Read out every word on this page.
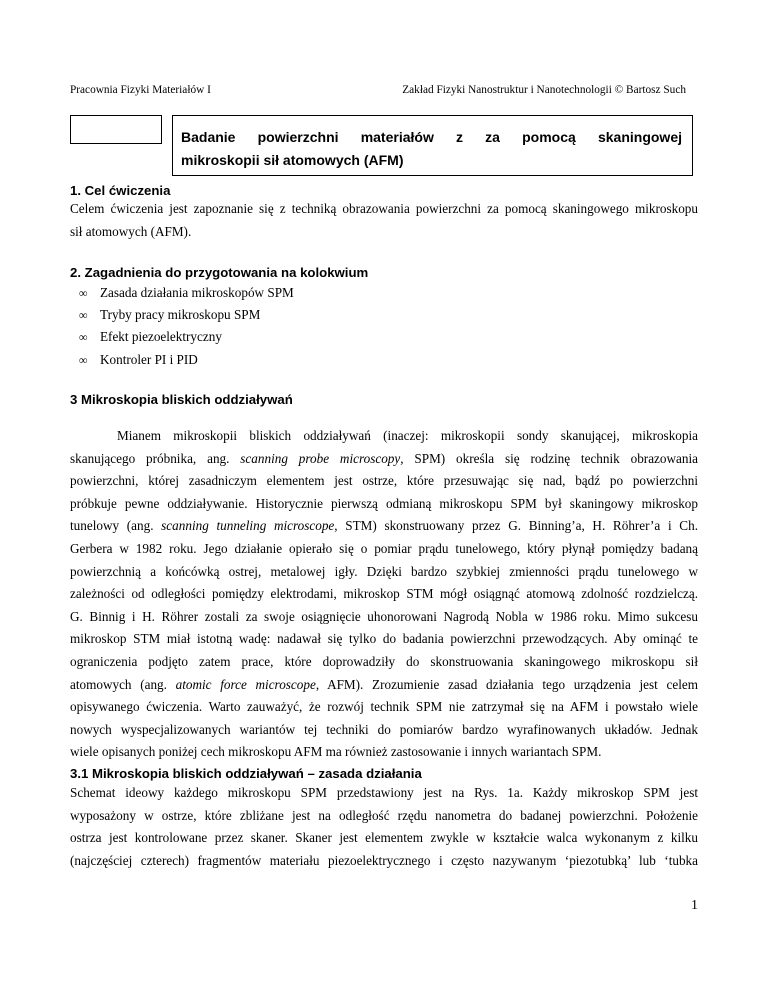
Pracownia Fizyki Materiałów I	Zakład Fizyki Nanostruktur i Nanotechnologii © Bartosz Such
Badanie powierzchni materiałów z za pomocą skaningowej
mikroskopii sił atomowych (AFM)
1. Cel ćwiczenia
Celem ćwiczenia jest zapoznanie się z techniką obrazowania powierzchni za pomocą skaningowego mikroskopu
sił atomowych (AFM).
2. Zagadnienia do przygotowania na kolokwium
∞ Zasada działania mikroskopów SPM
∞ Tryby pracy mikroskopu SPM
∞ Efekt piezoelektryczny
∞ Kontroler PI i PID
3 Mikroskopia bliskich oddziaływań
Mianem mikroskopii bliskich oddziaływań (inaczej: mikroskopii sondy skanującej, mikroskopia
skanującego próbnika, ang. scanning probe microscopy, SPM) określa się rodzinę technik obrazowania
powierzchni, której zasadniczym elementem jest ostrze, które przesuwając się nad, bądź po powierzchni
próbkuje pewne oddziaływanie. Historycznie pierwszą odmianą mikroskopu SPM był skaningowy mikroskop
tunelowy (ang. scanning tunneling microscope, STM) skonstruowany przez G. Binning’a, H. Röhrer’a i Ch.
Gerbera w 1982 roku. Jego działanie opierało się o pomiar prądu tunelowego, który płynął pomiędzy badaną
powierzchnią a końcówką ostrej, metalowej igły. Dzięki bardzo szybkiej zmienności prądu tunelowego w
zależności od odległości pomiędzy elektrodami, mikroskop STM mógł osiągnąć atomową zdolność rozdzielczą.
G. Binnig i H. Röhrer zostali za swoje osiągnięcie uhonorowani Nagrodą Nobla w 1986 roku. Mimo sukcesu
mikroskop STM miał istotną wadę: nadawał się tylko do badania powierzchni przewodzących. Aby ominąć te
ograniczenia podjęto zatem prace, które doprowadziły do skonstruowania skaningowego mikroskopu sił
atomowych (ang. atomic force microscope, AFM). Zrozumienie zasad działania tego urządzenia jest celem
opisywanego ćwiczenia. Warto zauważyć, że rozwój technik SPM nie zatrzymał się na AFM i powstało wiele
nowych wyspecjalizowanych wariantów tej techniki do pomiarów bardzo wyrafinowanych układów. Jednak
wiele opisanych poniżej cech mikroskopu AFM ma również zastosowanie i innych wariantach SPM.
3.1 Mikroskopia bliskich oddziaływań – zasada działania
Schemat ideowy każdego mikroskopu SPM przedstawiony jest na Rys. 1a. Każdy mikroskop SPM jest
wyposażony w ostrze, które zbliżane jest na odległość rzędu nanometra do badanej powierzchni. Położenie
ostrza jest kontrolowane przez skaner. Skaner jest elementem zwykle w kształcie walca wykonanym z kilku
(najczęściej czterech) fragmentów materiału piezoelektrycznego i często nazywanym ‘piezotubką’ lub ‘tubka
1
